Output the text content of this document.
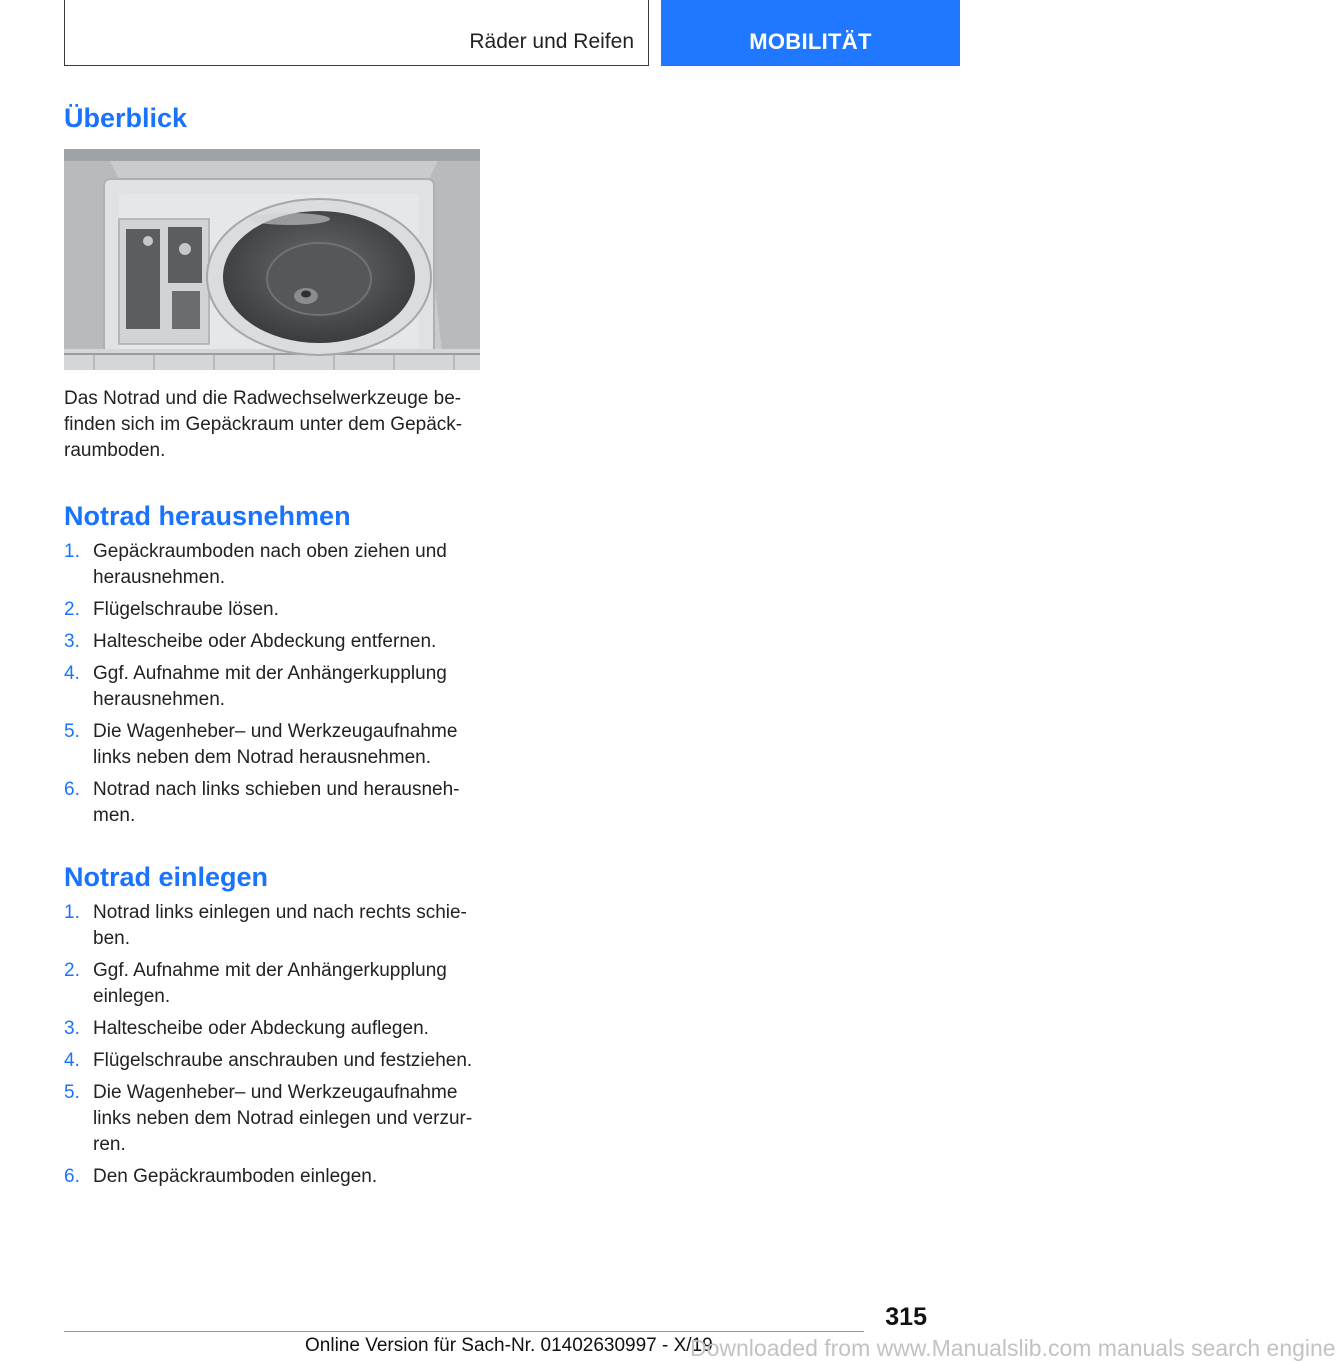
Räder und Reifen	MOBILITÄT
Überblick

Das Notrad und die Radwechselwerkzeuge be- finden sich im Gepäckraum unter dem Gepäck- raumboden.

Notrad herausnehmen
1. Gepäckraumboden nach oben ziehen und herausnehmen.
2. Flügelschraube lösen.
3. Haltescheibe oder Abdeckung entfernen.
4. Ggf. Aufnahme mit der Anhängerkupplung herausnehmen.
5. Die Wagenheber– und Werkzeugaufnahme links neben dem Notrad herausnehmen.
6. Notrad nach links schieben und herausneh- men.
Notrad einlegen
1. Notrad links einlegen und nach rechts schie- ben.
2. Ggf. Aufnahme mit der Anhängerkupplung einlegen.
3. Haltescheibe oder Abdeckung auflegen.
4. Flügelschraube anschrauben und festziehen.
5. Die Wagenheber– und Werkzeugaufnahme links neben dem Notrad einlegen und verzur- ren.
6. Den Gepäckraumboden einlegen.
315
Online Version für Sach-Nr. 01402630997 - X/19
Downloaded from www.Manualslib.com manuals search engine
